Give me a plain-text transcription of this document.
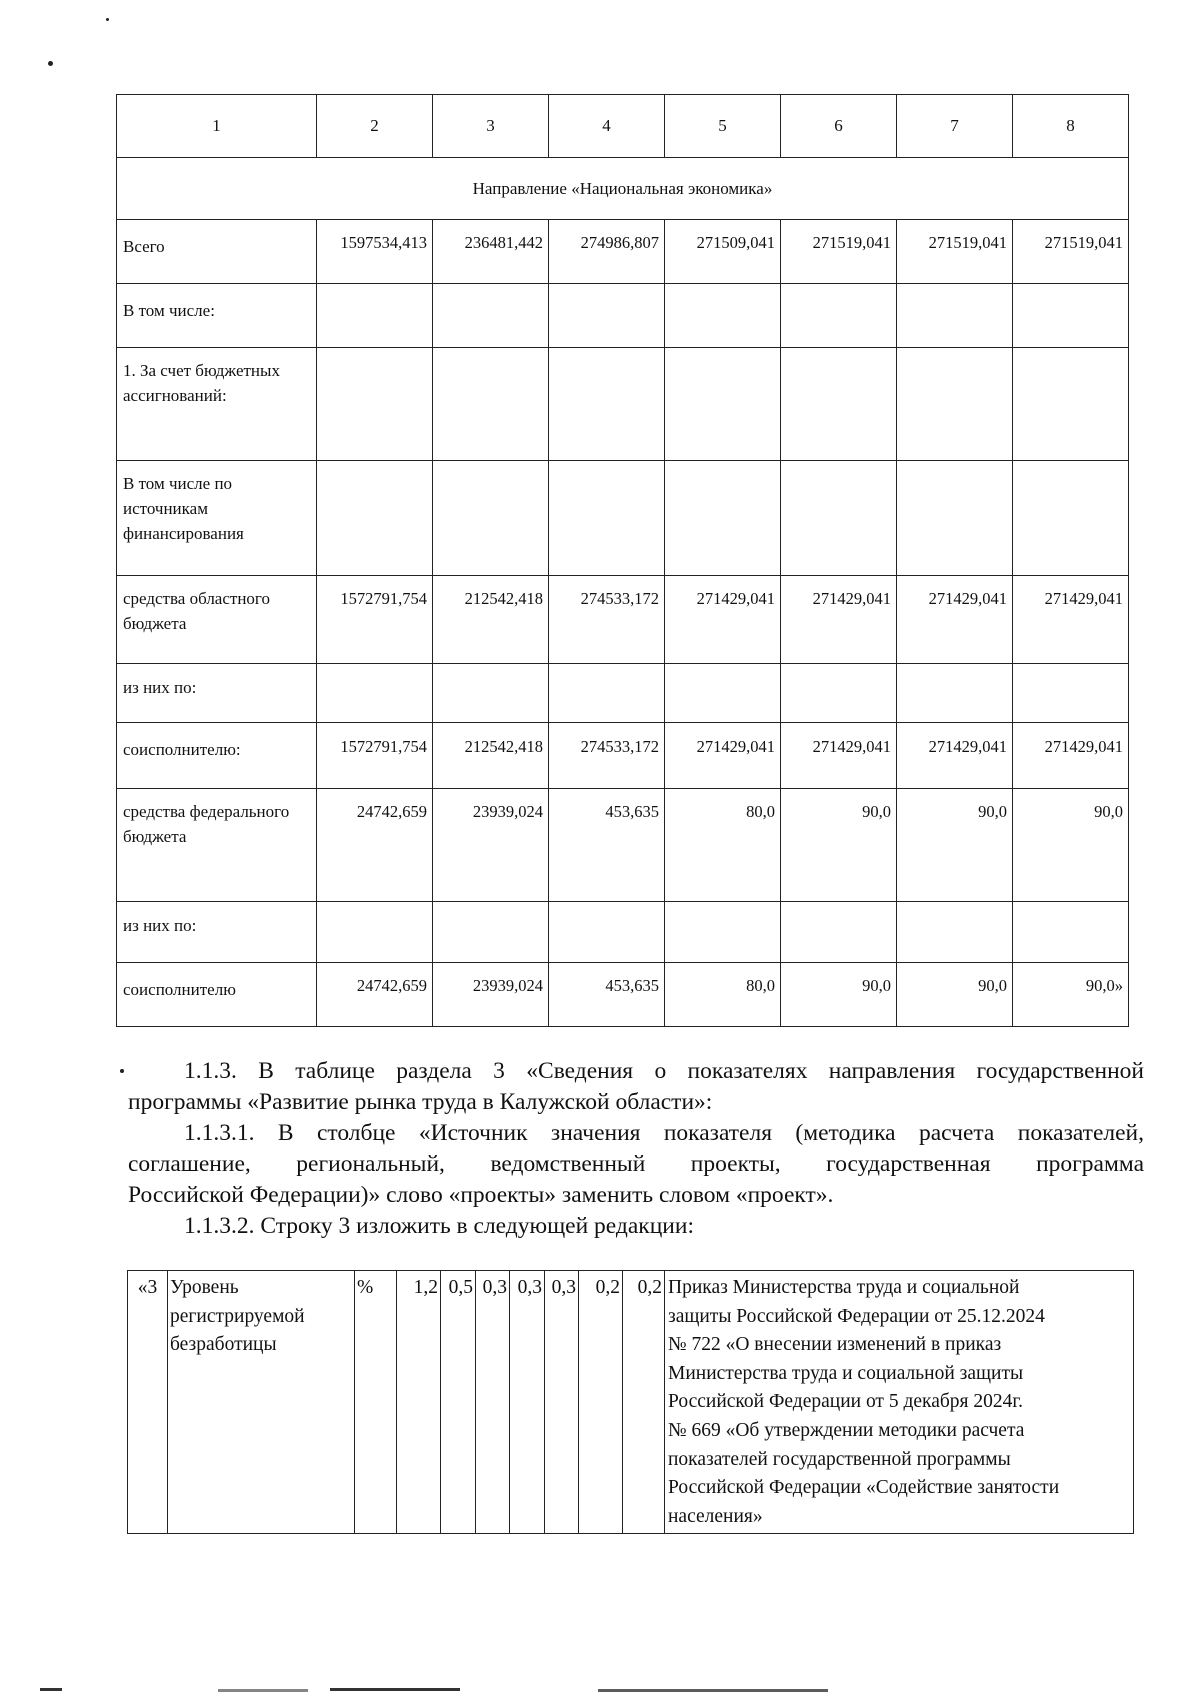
1	2	3	4	5	6	7	8
Направление «Национальная экономика»							
Всего	1597534,413	236481,442	274986,807	271509,041	271519,041	271519,041	271519,041
В том числе:							
1. За счет бюджетных ассигнований:							
В том числе по источникам финансирования							
средства областного бюджета	1572791,754	212542,418	274533,172	271429,041	271429,041	271429,041	271429,041
из них по:							
соисполнителю:	1572791,754	212542,418	274533,172	271429,041	271429,041	271429,041	271429,041
средства федерального бюджета	24742,659	23939,024	453,635	80,0	90,0	90,0	90,0
из них по:							
соисполнителю	24742,659	23939,024	453,635	80,0	90,0	90,0	90,0»
1.1.3. В таблице раздела 3 «Сведения о показателях направления государственной
программы «Развитие рынка труда в Калужской области»:
1.1.3.1. В столбце «Источник значения показателя (методика расчета показателей,
соглашение, региональный, ведомственный проекты, государственная программа
Российской Федерации)» слово «проекты» заменить словом «проект».
1.1.3.2. Строку 3 изложить в следующей редакции:
«3	Уровень регистрируемой безработицы	%	1,2	0,5	0,3	0,3	0,3	0,2	0,2	Приказ Министерства труда и социальной
защиты Российской Федерации от 25.12.2024
№ 722 «О внесении изменений в приказ
Министерства труда и социальной защиты
Российской Федерации от 5 декабря 2024г.
№ 669 «Об утверждении методики расчета
показателей государственной программы
Российской Федерации «Содействие занятости
населения»
